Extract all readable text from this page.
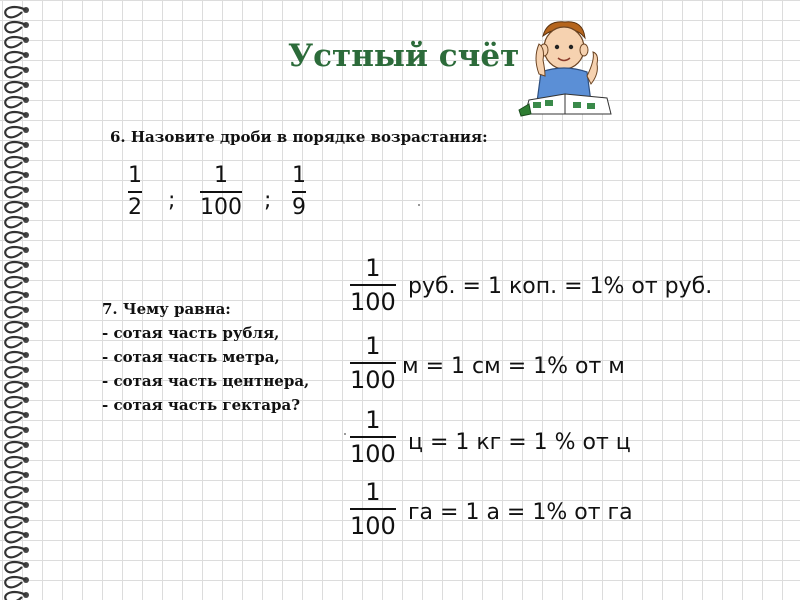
Устный счёт
6. Назовите дроби в порядке возрастания:
1
2 ;
1
100 ;
1
9
7. Чему равна:
- сотая часть рубля,
- сотая часть метра,
- сотая часть центнера,
- сотая часть гектара?
1
100
руб. = 1 коп. = 1% от руб.
1
100 м = 1 см = 1% от м
1
100 ц = 1 кг = 1 % от ц
1
100 га = 1 а = 1% от га
